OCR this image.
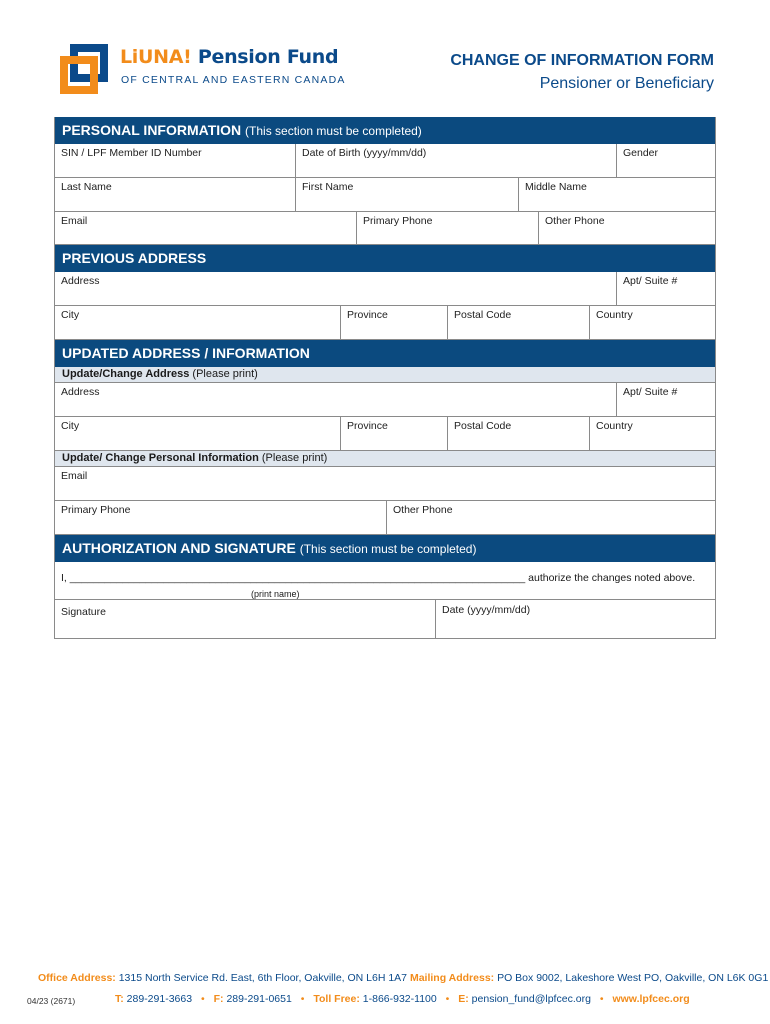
LiUNA! Pension Fund
OF CENTRAL AND EASTERN CANADA
CHANGE OF INFORMATION FORM
Pensioner or Beneficiary
PERSONAL INFORMATION (This section must be completed)
SIN / LPF Member ID Number	Date of Birth (yyyy/mm/dd)	Gender
Last Name	First Name	Middle Name
Email	Primary Phone	Other Phone
PREVIOUS ADDRESS
Address	Apt/ Suite #
City	Province	Postal Code	Country
UPDATED ADDRESS / INFORMATION
Update/Change Address (Please print)
Address	Apt/ Suite #
City	Province	Postal Code	Country
Update/ Change Personal Information (Please print)
Email
Primary Phone	Other Phone
AUTHORIZATION AND SIGNATURE (This section must be completed)
I, ______________________________________________________________________________ authorize the changes noted above.
(print name)
Signature	Date (yyyy/mm/dd)
Office Address: 1315 North Service Rd. East, 6th Floor, Oakville, ON L6H 1A7 Mailing Address: PO Box 9002, Lakeshore West PO, Oakville, ON L6K 0G1
04/23 (2671)	T: 289-291-3663 • F: 289-291-0651 • Toll Free: 1-866-932-1100 • E: pension_fund@lpfcec.org • www.lpfcec.org
